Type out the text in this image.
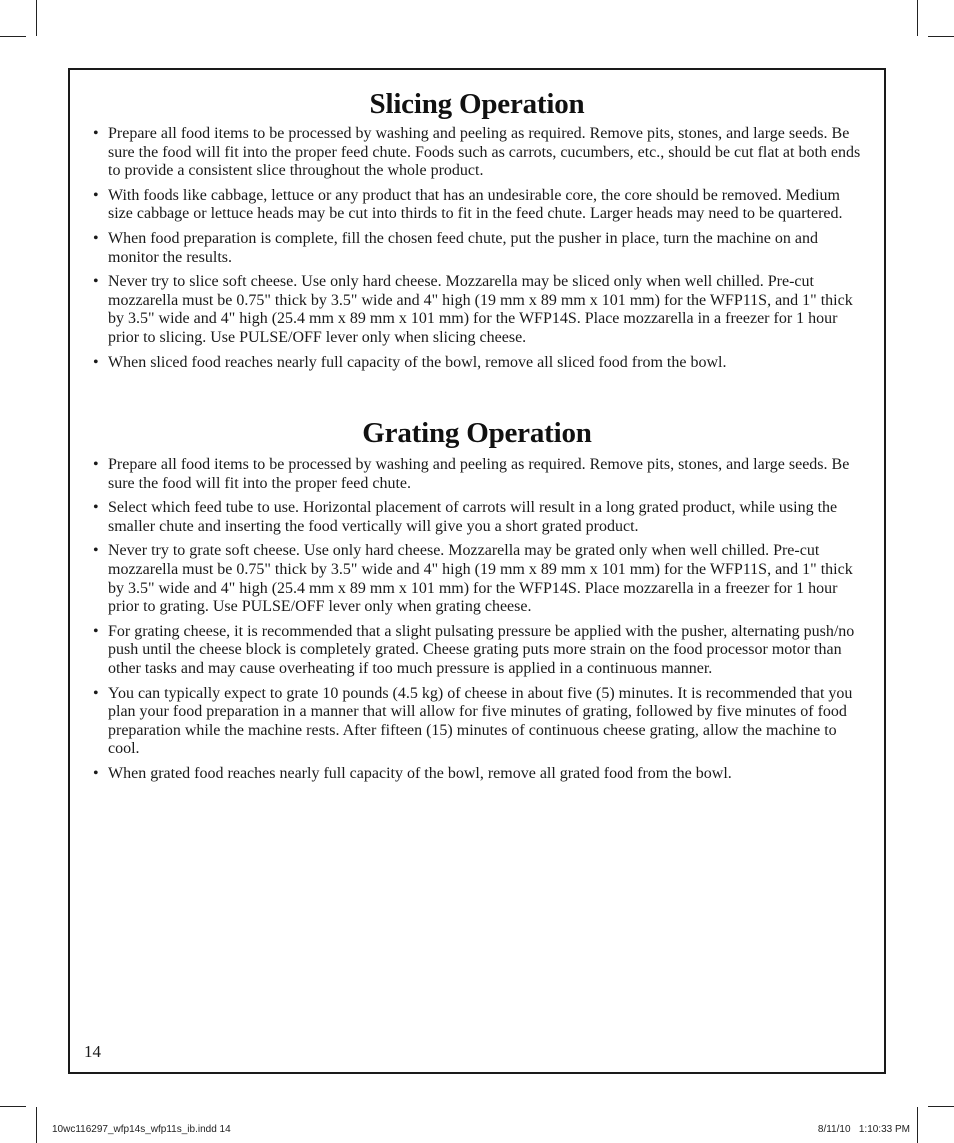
Slicing Operation
• Prepare all food items to be processed by washing and peeling as required. Remove pits, stones, and large seeds. Be sure the food will fit into the proper feed chute. Foods such as carrots, cucumbers, etc., should be cut flat at both ends to provide a consistent slice throughout the whole product.
• With foods like cabbage, lettuce or any product that has an undesirable core, the core should be removed. Medium size cabbage or lettuce heads may be cut into thirds to fit in the feed chute. Larger heads may need to be quartered.
• When food preparation is complete, fill the chosen feed chute, put the pusher in place, turn the machine on and monitor the results.
• Never try to slice soft cheese. Use only hard cheese. Mozzarella may be sliced only when well chilled. Pre-cut mozzarella must be 0.75" thick by 3.5" wide and 4" high (19 mm x 89 mm x 101 mm) for the WFP11S, and 1" thick by 3.5" wide and 4" high (25.4 mm x 89 mm x 101 mm) for the WFP14S. Place mozzarella in a freezer for 1 hour prior to slicing. Use PULSE/OFF lever only when slicing cheese.
• When sliced food reaches nearly full capacity of the bowl, remove all sliced food from the bowl.
Grating Operation
• Prepare all food items to be processed by washing and peeling as required. Remove pits, stones, and large seeds. Be sure the food will fit into the proper feed chute.
• Select which feed tube to use. Horizontal placement of carrots will result in a long grated product, while using the smaller chute and inserting the food vertically will give you a short grated product.
• Never try to grate soft cheese. Use only hard cheese. Mozzarella may be grated only when well chilled. Pre-cut mozzarella must be 0.75" thick by 3.5" wide and 4" high (19 mm x 89 mm x 101 mm) for the WFP11S, and 1" thick by 3.5" wide and 4" high (25.4 mm x 89 mm x 101 mm) for the WFP14S. Place mozzarella in a freezer for 1 hour prior to grating. Use PULSE/OFF lever only when grating cheese.
• For grating cheese, it is recommended that a slight pulsating pressure be applied with the pusher, alternating push/no push until the cheese block is completely grated. Cheese grating puts more strain on the food processor motor than other tasks and may cause overheating if too much pressure is applied in a continuous manner.
• You can typically expect to grate 10 pounds (4.5 kg) of cheese in about five (5) minutes. It is recommended that you plan your food preparation in a manner that will allow for five minutes of grating, followed by five minutes of food preparation while the machine rests. After fifteen (15) minutes of continuous cheese grating, allow the machine to cool.
• When grated food reaches nearly full capacity of the bowl, remove all grated food from the bowl.
14
10wc116297_wfp14s_wfp11s_ib.indd 14	8/11/10   1:10:33 PM
